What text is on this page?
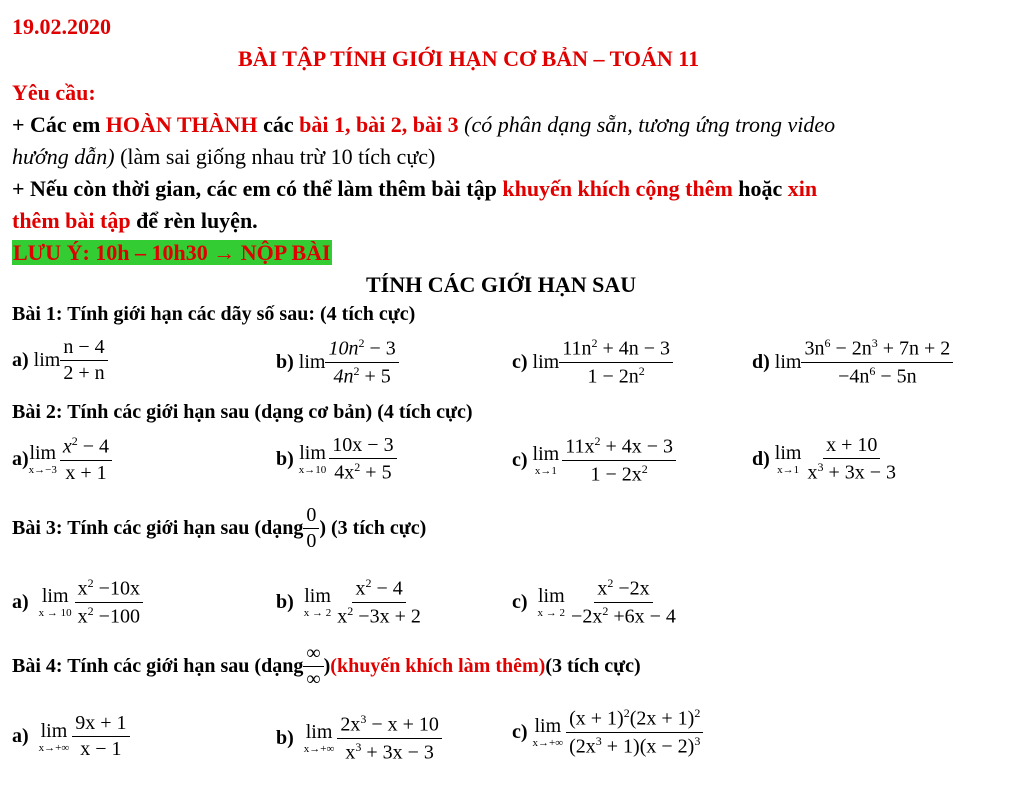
19.02.2020
BÀI TẬP TÍNH GIỚI HẠN CƠ BẢN – TOÁN 11
Yêu cầu:
+ Các em HOÀN THÀNH các bài 1, bài 2, bài 3 (có phân dạng sẵn, tương ứng trong video
hướng dẫn) (làm sai giống nhau trừ 10 tích cực)
+ Nếu còn thời gian, các em có thể làm thêm bài tập khuyến khích cộng thêm hoặc xin
thêm bài tập để rèn luyện.
LƯU Ý: 10h – 10h30 → NỘP BÀI
TÍNH CÁC GIỚI HẠN SAU
Bài 1: Tính giới hạn các dãy số sau: (4 tích cực)
a)
$\lim \frac{n - 4}{2 + n}$	b)
$\lim \frac{10n^2 - 3}{4n^2 + 5}$	c)
$\lim \frac{11n^2 + 4n - 3}{1 - 2n^2}$	d)
$\lim \frac{3n^6 - 2n^3 + 7n + 2}{-4n^6 - 5n}$
Bài 2: Tính các giới hạn sau (dạng cơ bản) (4 tích cực)
a) lim
$x\to-3 \frac{x^2 - 4}{x + 1}$	b)
lim
$x\to 10 \frac{10x - 3}{4x^2 + 5}$	c)
lim
$x\to 1 \frac{11x^2 + 4x - 3}{1 - 2x^2}$	d)
lim
$x\to 1 \frac{x + 10}{x^3 + 3x - 3}$
Bài 3: Tính các giới hạn sau (dạng $\frac{0}{0}$ ) (3 tích cực)
a)
lim
$x \to 10 \frac{x^2 -10x}{x^2 -100}$	b)
lim
$x \to 2 \frac{x^2 - 4}{x^2 -3x + 2}$	c)
lim
$x \to 2 \frac{x^2 -2x}{-2x^2 +6x - 4}$
Bài 4: Tính các giới hạn sau (dạng $\frac{\infty}{\infty}$ ) (khuyến khích làm thêm) (3 tích cực)
a)
lim
$x\to+\infty \frac{9x + 1}{x - 1}$	b)
lim
$x\to+\infty \frac{2x^3 - x + 10}{x^3 + 3x - 3}$	c)
lim
$x\to+\infty \frac{(x + 1)^2(2x + 1)^2}{(2x^3 + 1)(x - 2)^3}$
